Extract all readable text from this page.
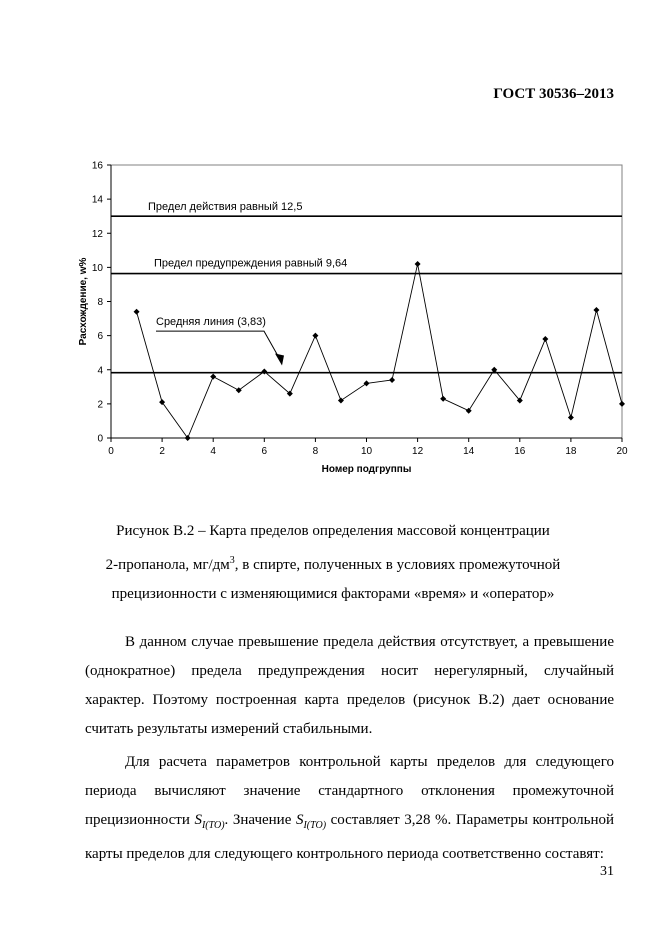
ГОСТ 30536–2013
0
2
4
6
8
10
12
14
16
0	2	4	6	8	10	12	14	16	18	20
Расхождение, w%
Номер подгруппы
Предел действия равный 12,5
Предел предупреждения равный 9,64
Средняя линия (3,83)

Рисунок В.2 – Карта пределов определения массовой концентрации

2-пропанола, $мг/дм^3$, в спирте, полученных в условиях промежуточной

прецизионности с изменяющимися факторами «время» и «оператор»

В данном случае превышение предела действия отсутствует, а превышение (однократное) предела предупреждения носит нерегулярный, случайный характер. Поэтому построенная карта пределов (рисунок В.2) дает основание считать результаты измерений стабильными.

Для расчета параметров контрольной карты пределов для следующего периода вычисляют значение стандартного отклонения промежуточной прецизионности $S_{I(TO)}$. Значение $S_{I(TO)}$ составляет 3,28 %. Параметры контрольной карты пределов для следующего контрольного периода соответственно составят:

31
